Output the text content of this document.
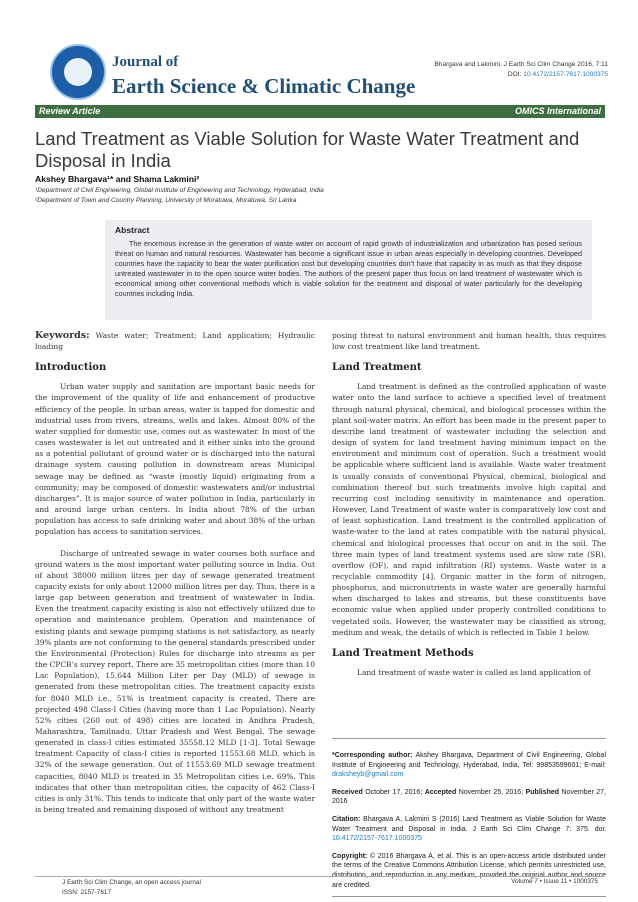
Journal of
Earth Science & Climatic Change
Bhargava and Lakmini, J Earth Sci Clim Change 2016, 7:11
DOI: 10.4172/2157-7617.1000375
Review Article	OMICS International
Land Treatment as Viable Solution for Waste Water Treatment and Disposal in India
Akshey Bhargava¹* and Shama Lakmini²
¹Department of Civil Engineering, Global Institute of Engineering and Technology, Hyderabad, India
²Department of Town and Country Planning, University of Moratuwa, Moratuwa, Sri Lanka
Abstract
The enormous increase in the generation of waste water on account of rapid growth of industrialization and urbanization has posed serious threat on human and natural resources. Wastewater has become a significant issue in urban areas especially in developing countries. Developed countries have the capacity to bear the water purification cost but developing countries don’t have that capacity in as much as that they dispose untreated wastewater in to the open source water bodies. The authors of the present paper thus focus on land treatment of wastewater which is economical among other conventional methods which is viable solution for the treatment and disposal of water particularly for the developing countries including India.

Keywords: Waste water; Treatment; Land application; Hydraulic loading

Introduction

Urban water supply and sanitation are important basic needs for the improvement of the quality of life and enhancement of productive efficiency of the people. In urban areas, water is tapped for domestic and industrial uses from rivers, streams, wells and lakes. Almost 80% of the water supplied for domestic use, comes out as wastewater. In most of the cases wastewater is let out untreated and it either sinks into the ground as a potential pollutant of ground water or is discharged into the natural drainage system causing pollution in downstream areas Municipal sewage may be defined as “waste (mostly liquid) originating from a community; may be composed of domestic wastewaters and/or industrial discharges”. It is major source of water pollution in India, particularly in and around large urban centers. In India about 78% of the urban population has access to safe drinking water and about 38% of the urban population has access to sanitation services.

Discharge of untreated sewage in water courses both surface and ground waters is the most important water polluting source in India. Out of about 38000 million litres per day of sewage generated treatment capacity exists for only about 12000 million litres per day. Thus, there is a large gap between generation and treatment of wastewater in India. Even the treatment capacity existing is also not effectively utilized due to operation and maintenance problem. Operation and maintenance of existing plants and sewage pumping stations is not satisfactory, as nearly 39% plants are not conforming to the general standards prescribed under the Environmental (Protection) Rules for discharge into streams as per the CPCB’s survey report. There are 35 metropolitan cities (more than 10 Lac Population), 15,644 Million Liter per Day (MLD) of sewage is generated from these metropolitan cities. The treatment capacity exists for 8040 MLD i.e., 51% is treatment capacity is created. There are projected 498 Class-I Cities (having more than 1 Lac Population). Nearly 52% cities (260 out of 498) cities are located in Andhra Pradesh, Maharashtra, Tamilnadu, Uttar Pradesh and West Bengal. The sewage generated in class-I cities estimated 35558.12 MLD [1-3]. Total Sewage treatment Capacity of class-I cities is reported 11553.68 MLD, which is 32% of the sewage generation. Out of 11553.69 MLD sewage treatment capacities, 8040 MLD is treated in 35 Metropolitan cities i.e. 69%. This indicates that other than metropolitan cities, the capacity of 462 Class-I cities is only 31%. This tends to indicate that only part of the waste water is being treated and remaining disposed of without any treatment

posing threat to natural environment and human health, thus requires low cost treatment like land treatment.

Land Treatment

Land treatment is defined as the controlled application of waste water onto the land surface to achieve a specified level of treatment through natural physical, chemical, and biological processes within the plant soil-water matrix. An effort has been made in the present paper to describe land treatment of wastewater including the selection and design of system for land treatment having minimum impact on the environment and minimum cost of operation. Such a treatment would be applicable where sufficient land is available. Waste water treatment is usually consists of conventional Physical, chemical, biological and combination thereof but such treatments involve high capital and recurring cost including sensitivity in maintenance and operation. However, Land Treatment of waste water is comparatively low cost and of least sophistication. Land treatment is the controlled application of waste-water to the land at rates compatible with the natural physical, chemical and biological processes that occur on and in the soil. The three main types of land treatment systems used are slow rate (SR), overflow (OF), and rapid infiltration (RI) systems. Waste water is a recyclable commodity [4]. Organic matter in the form of nitrogen, phosphorus, and micronutrients in waste water are generally harmful when discharged to lakes and streams, but these constituents have economic value when applied under properly controlled conditions to vegetated soils. However, the wastewater may be classified as strong, medium and weak, the details of which is reflected in Table 1 below.

Land Treatment Methods

Land treatment of waste water is called as land application of

*Corresponding author: Akshey Bhargava, Department of Civil Engineering, Global Institute of Engineering and Technology, Hyderabad, India, Tel: 99853599601; E-mail: draksheyb@gmail.com

Received October 17, 2016; Accepted November 25, 2016; Published November 27, 2016

Citation: Bhargava A, Lakmini S (2016) Land Treatment as Viable Solution for Waste Water Treatment and Disposal in India. J Earth Sci Clim Change 7: 375. doi: 10.4172/2157-7617.1000375

Copyright: © 2016 Bhargava A, et al. This is an open-access article distributed under the terms of the Creative Commons Attribution License, which permits unrestricted use, distribution, and reproduction in any medium, provided the original author and source are credited.

J Earth Sci Clim Change, an open access journal
ISSN: 2157-7617
Volume 7 • Issue 11 • 1000375
